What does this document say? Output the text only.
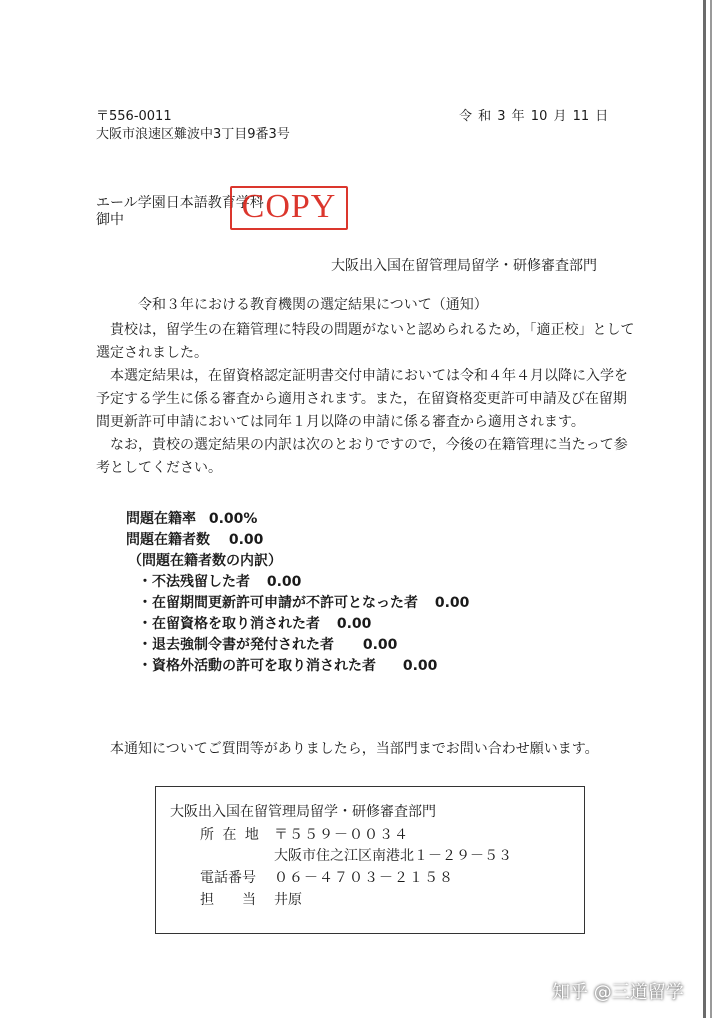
〒556-0011
大阪市浪速区難波中3丁目9番3号
令 和 3 年 10 月 11 日
エール学園日本語教育学科
御中	COPY
大阪出入国在留管理局留学・研修審査部門
令和３年における教育機関の選定結果について（通知）
　貴校は，留学生の在籍管理に特段の問題がないと認められるため，「適正校」として選定されました。
　本選定結果は，在留資格認定証明書交付申請においては令和４年４月以降に入学を予定する学生に係る審査から適用されます。また，在留資格変更許可申請及び在留期間更新許可申請においては同年１月以降の申請に係る審査から適用されます。
　なお，貴校の選定結果の内訳は次のとおりですので，今後の在籍管理に当たって参考としてください。
問題在籍率 0.00%
問題在籍者数 0.00
（問題在籍者数の内訳）
・不法残留した者 0.00
・在留期間更新許可申請が不許可となった者 0.00
・在留資格を取り消された者 0.00
・退去強制令書が発付された者 0.00
・資格外活動の許可を取り消された者 0.00
本通知についてご質問等がありましたら，当部門までお問い合わせ願います。
大阪出入国在留管理局留学・研修審査部門
所 在 地 〒５５９－００３４
大阪市住之江区南港北１－２９－５３
電話番号 ０６－４７０３－２１５８
担　　当 井原
知乎 @三道留学
